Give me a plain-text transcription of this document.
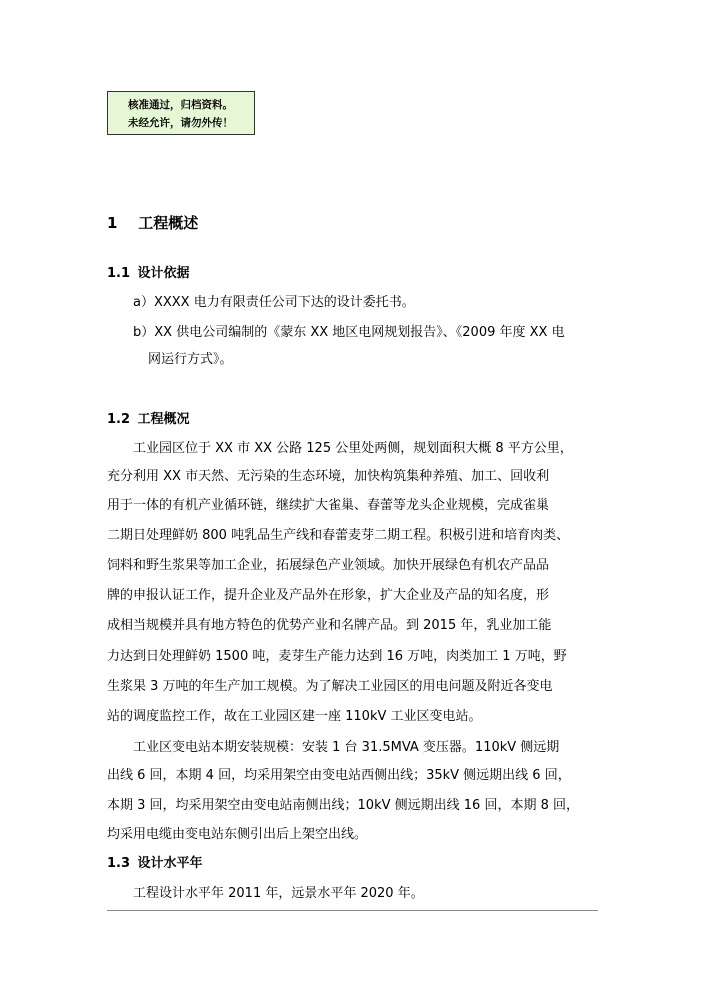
核准通过，归档资料。
未经允许，请勿外传！
1 工程概述
1.1 设计依据
a）XXXX 电力有限责任公司下达的设计委托书。
b）XX 供电公司编制的《蒙东 XX 地区电网规划报告》、《2009 年度 XX 电
网运行方式》。
1.2 工程概况
工业园区位于 XX 市 XX 公路 125 公里处两侧，规划面积大概 8 平方公里，
充分利用 XX 市天然、无污染的生态环境，加快构筑集种养殖、加工、回收利
用于一体的有机产业循环链，继续扩大雀巢、春蕾等龙头企业规模，完成雀巢
二期日处理鲜奶 800 吨乳品生产线和春蕾麦芽二期工程。积极引进和培育肉类、
饲料和野生浆果等加工企业，拓展绿色产业领域。加快开展绿色有机农产品品
牌的申报认证工作，提升企业及产品外在形象，扩大企业及产品的知名度，形
成相当规模并具有地方特色的优势产业和名牌产品。到 2015 年，乳业加工能
力达到日处理鲜奶 1500 吨，麦芽生产能力达到 16 万吨，肉类加工 1 万吨，野
生浆果 3 万吨的年生产加工规模。为了解决工业园区的用电问题及附近各变电
站的调度监控工作，故在工业园区建一座 110kV 工业区变电站。
工业区变电站本期安装规模：安装 1 台 31.5MVA 变压器。110kV 侧远期
出线 6 回，本期 4 回，均采用架空由变电站西侧出线；35kV 侧远期出线 6 回，
本期 3 回，均采用架空由变电站南侧出线；10kV 侧远期出线 16 回，本期 8 回，
均采用电缆由变电站东侧引出后上架空出线。
1.3 设计水平年
工程设计水平年 2011 年，远景水平年 2020 年。
